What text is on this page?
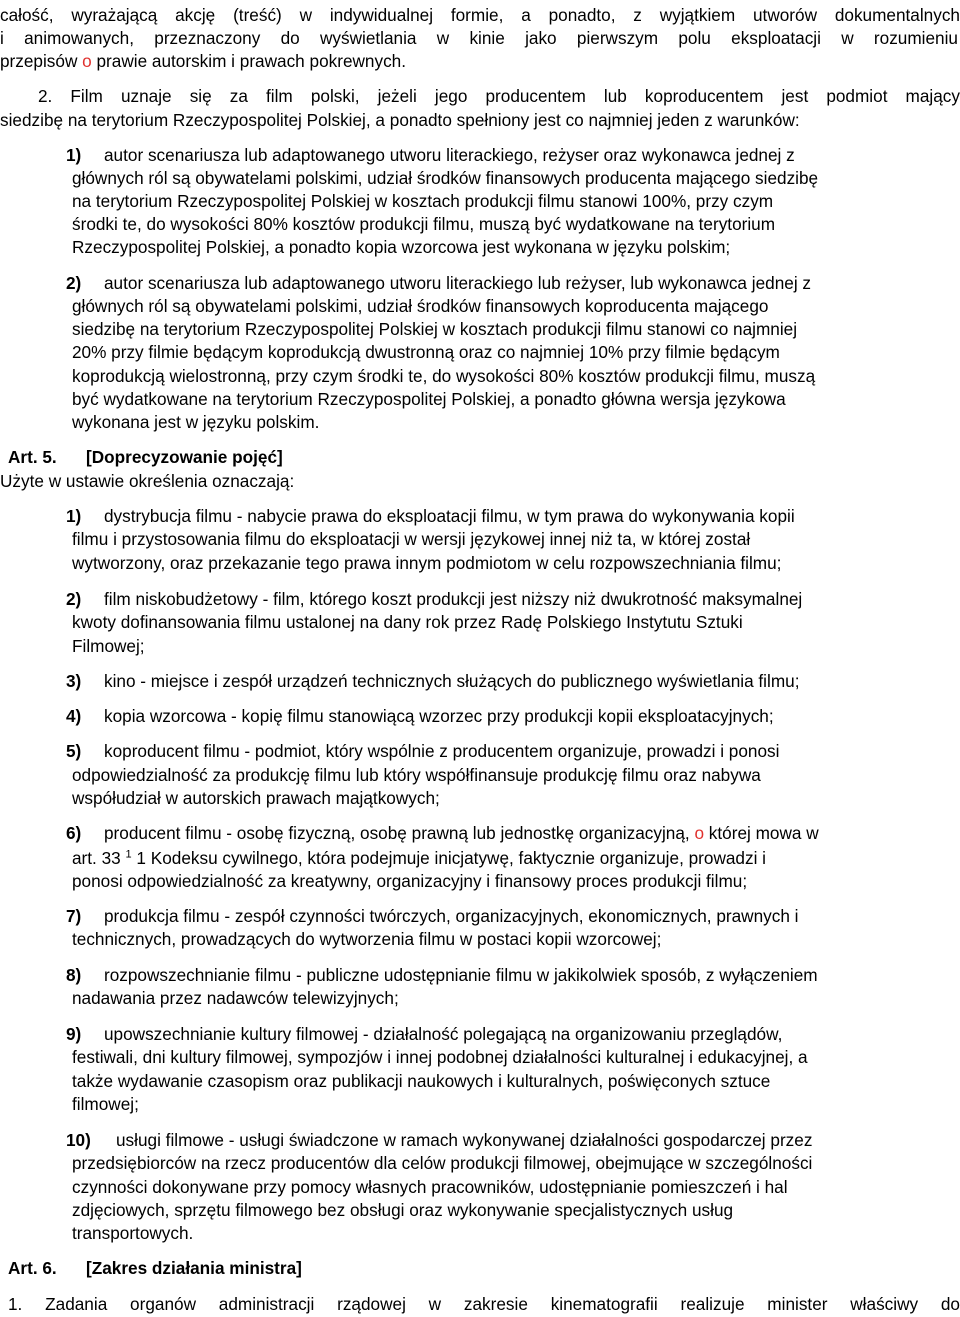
całość, wyrażającą akcję (treść) w indywidualnej formie, a ponadto, z wyjątkiem utworów dokumentalnych
i animowanych, przeznaczony do wyświetlania w kinie jako pierwszym polu eksploatacji w rozumieniu
przepisów o prawie autorskim i prawach pokrewnych.
2. Film uznaje się za film polski, jeżeli jego producentem lub koproducentem jest podmiot mający
siedzibę na terytorium Rzeczypospolitej Polskiej, a ponadto spełniony jest co najmniej jeden z warunków:
1) autor scenariusza lub adaptowanego utworu literackiego, reżyser oraz wykonawca jednej z
głównych ról są obywatelami polskimi, udział środków finansowych producenta mającego siedzibę
na terytorium Rzeczypospolitej Polskiej w kosztach produkcji filmu stanowi 100%, przy czym
środki te, do wysokości 80% kosztów produkcji filmu, muszą być wydatkowane na terytorium
Rzeczypospolitej Polskiej, a ponadto kopia wzorcowa jest wykonana w języku polskim;
2) autor scenariusza lub adaptowanego utworu literackiego lub reżyser, lub wykonawca jednej z
głównych ról są obywatelami polskimi, udział środków finansowych koproducenta mającego
siedzibę na terytorium Rzeczypospolitej Polskiej w kosztach produkcji filmu stanowi co najmniej
20% przy filmie będącym koprodukcją dwustronną oraz co najmniej 10% przy filmie będącym
koprodukcją wielostronną, przy czym środki te, do wysokości 80% kosztów produkcji filmu, muszą
być wydatkowane na terytorium Rzeczypospolitej Polskiej, a ponadto główna wersja językowa
wykonana jest w języku polskim.
Art. 5. [Doprecyzowanie pojęć]
Użyte w ustawie określenia oznaczają:
1) dystrybucja filmu - nabycie prawa do eksploatacji filmu, w tym prawa do wykonywania kopii
filmu i przystosowania filmu do eksploatacji w wersji językowej innej niż ta, w której został
wytworzony, oraz przekazanie tego prawa innym podmiotom w celu rozpowszechniania filmu;
2) film niskobudżetowy - film, którego koszt produkcji jest niższy niż dwukrotność maksymalnej
kwoty dofinansowania filmu ustalonej na dany rok przez Radę Polskiego Instytutu Sztuki
Filmowej;
3) kino - miejsce i zespół urządzeń technicznych służących do publicznego wyświetlania filmu;
4) kopia wzorcowa - kopię filmu stanowiącą wzorzec przy produkcji kopii eksploatacyjnych;
5) koproducent filmu - podmiot, który wspólnie z producentem organizuje, prowadzi i ponosi
odpowiedzialność za produkcję filmu lub który współfinansuje produkcję filmu oraz nabywa
współudział w autorskich prawach majątkowych;
6) producent filmu - osobę fizyczną, osobę prawną lub jednostkę organizacyjną, o której mowa w
art. 33 $^1$ 1 Kodeksu cywilnego, która podejmuje inicjatywę, faktycznie organizuje, prowadzi i
ponosi odpowiedzialność za kreatywny, organizacyjny i finansowy proces produkcji filmu;
7) produkcja filmu - zespół czynności twórczych, organizacyjnych, ekonomicznych, prawnych i
technicznych, prowadzących do wytworzenia filmu w postaci kopii wzorcowej;
8) rozpowszechnianie filmu - publiczne udostępnianie filmu w jakikolwiek sposób, z wyłączeniem
nadawania przez nadawców telewizyjnych;
9) upowszechnianie kultury filmowej - działalność polegającą na organizowaniu przeglądów,
festiwali, dni kultury filmowej, sympozjów i innej podobnej działalności kulturalnej i edukacyjnej, a
także wydawanie czasopism oraz publikacji naukowych i kulturalnych, poświęconych sztuce
filmowej;
10) usługi filmowe - usługi świadczone w ramach wykonywanej działalności gospodarczej przez
przedsiębiorców na rzecz producentów dla celów produkcji filmowej, obejmujące w szczególności
czynności dokonywane przy pomocy własnych pracowników, udostępnianie pomieszczeń i hal
zdjęciowych, sprzętu filmowego bez obsługi oraz wykonywanie specjalistycznych usług
transportowych.
Art. 6. [Zakres działania ministra]
1. Zadania organów administracji rządowej w zakresie kinematografii realizuje minister właściwy do
